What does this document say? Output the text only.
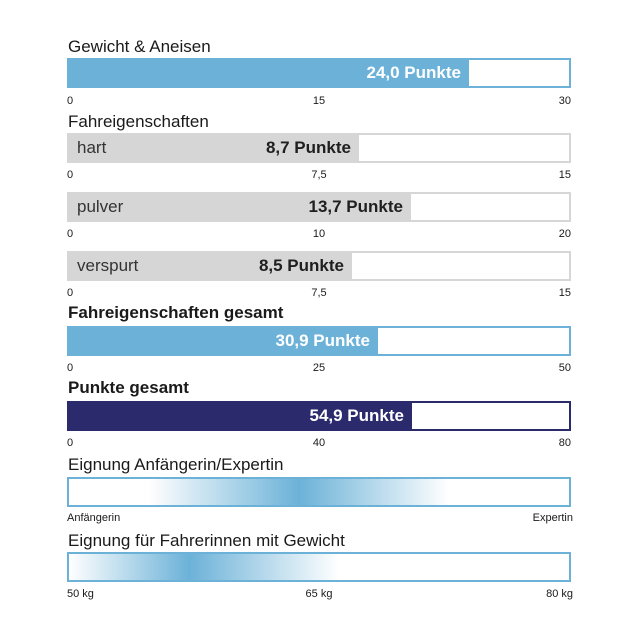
Gewicht & Aneisen
24,0 Punkte
0	15	30
Fahreigenschaften
hart	8,7 Punkte
0	7,5	15
pulver	13,7 Punkte
0	10	20
verspurt	8,5 Punkte
0	7,5	15
Fahreigenschaften gesamt
30,9 Punkte
0	25	50
Punkte gesamt
54,9 Punkte
0	40	80
Eignung Anfängerin/Expertin
Anfängerin	Expertin
Eignung für Fahrerinnen mit Gewicht
50 kg	65 kg	80 kg
